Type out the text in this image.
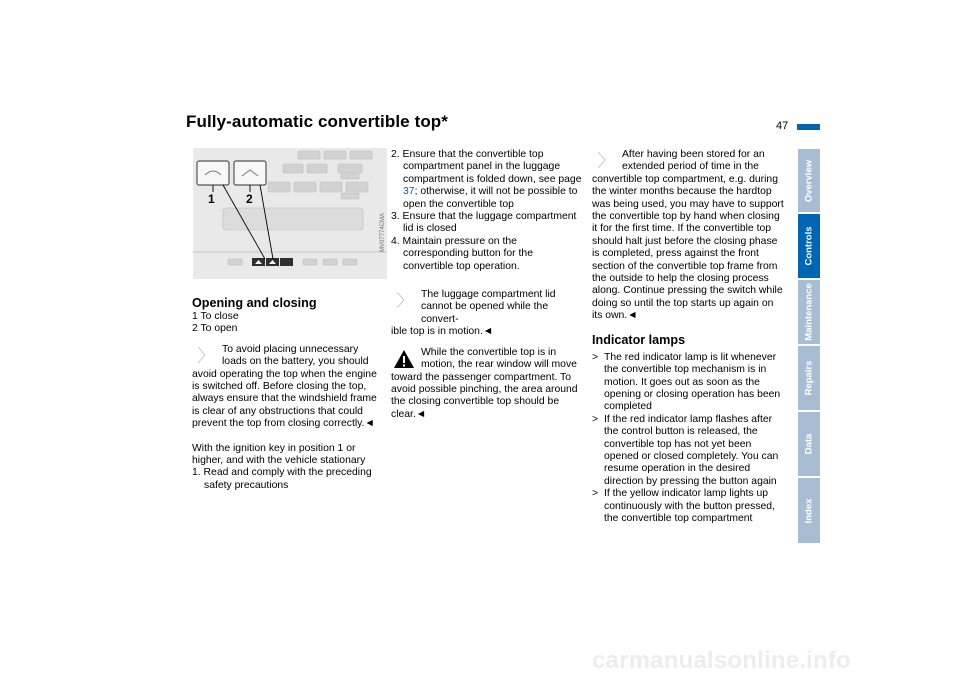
Fully-automatic convertible top*	47
1	2
MV07774CMA

Opening and closing

1 To close

2 To open

To avoid placing unnecessary loads on the battery, you should

avoid operating the top when the engine is switched off. Before closing the top, always ensure that the windshield frame is clear of any obstructions that could prevent the top from closing correctly.◄

With the ignition key in position 1 or higher, and with the vehicle stationary

1. Read and comply with the preceding safety precautions

2. Ensure that the convertible top compartment panel in the luggage compartment is folded down, see page 37; otherwise, it will not be possible to open the convertible top

3. Ensure that the luggage compartment lid is closed

4. Maintain pressure on the corresponding button for the convertible top operation.

The luggage compartment lid cannot be opened while the convert-

ible top is in motion.◄

While the convertible top is in motion, the rear window will move

toward the passenger compartment. To avoid possible pinching, the area around the closing convertible top should be clear.◄

After having been stored for an extended period of time in the

convertible top compartment, e.g. during the winter months because the hardtop was being used, you may have to support the convertible top by hand when closing it for the first time. If the convertible top should halt just before the closing phase is completed, press against the front section of the convertible top frame from the outside to help the closing process along. Continue pressing the switch while doing so until the top starts up again on its own.◄

Indicator lamps

> The red indicator lamp is lit whenever the convertible top mechanism is in motion. It goes out as soon as the opening or closing operation has been completed

> If the red indicator lamp flashes after the control button is released, the convertible top has not yet been opened or closed completely. You can resume operation in the desired direction by pressing the button again

> If the yellow indicator lamp lights up continuously with the button pressed, the convertible top compartment

Overview
Controls
Maintenance
Repairs
Data
Index
carmanualsonline.info
